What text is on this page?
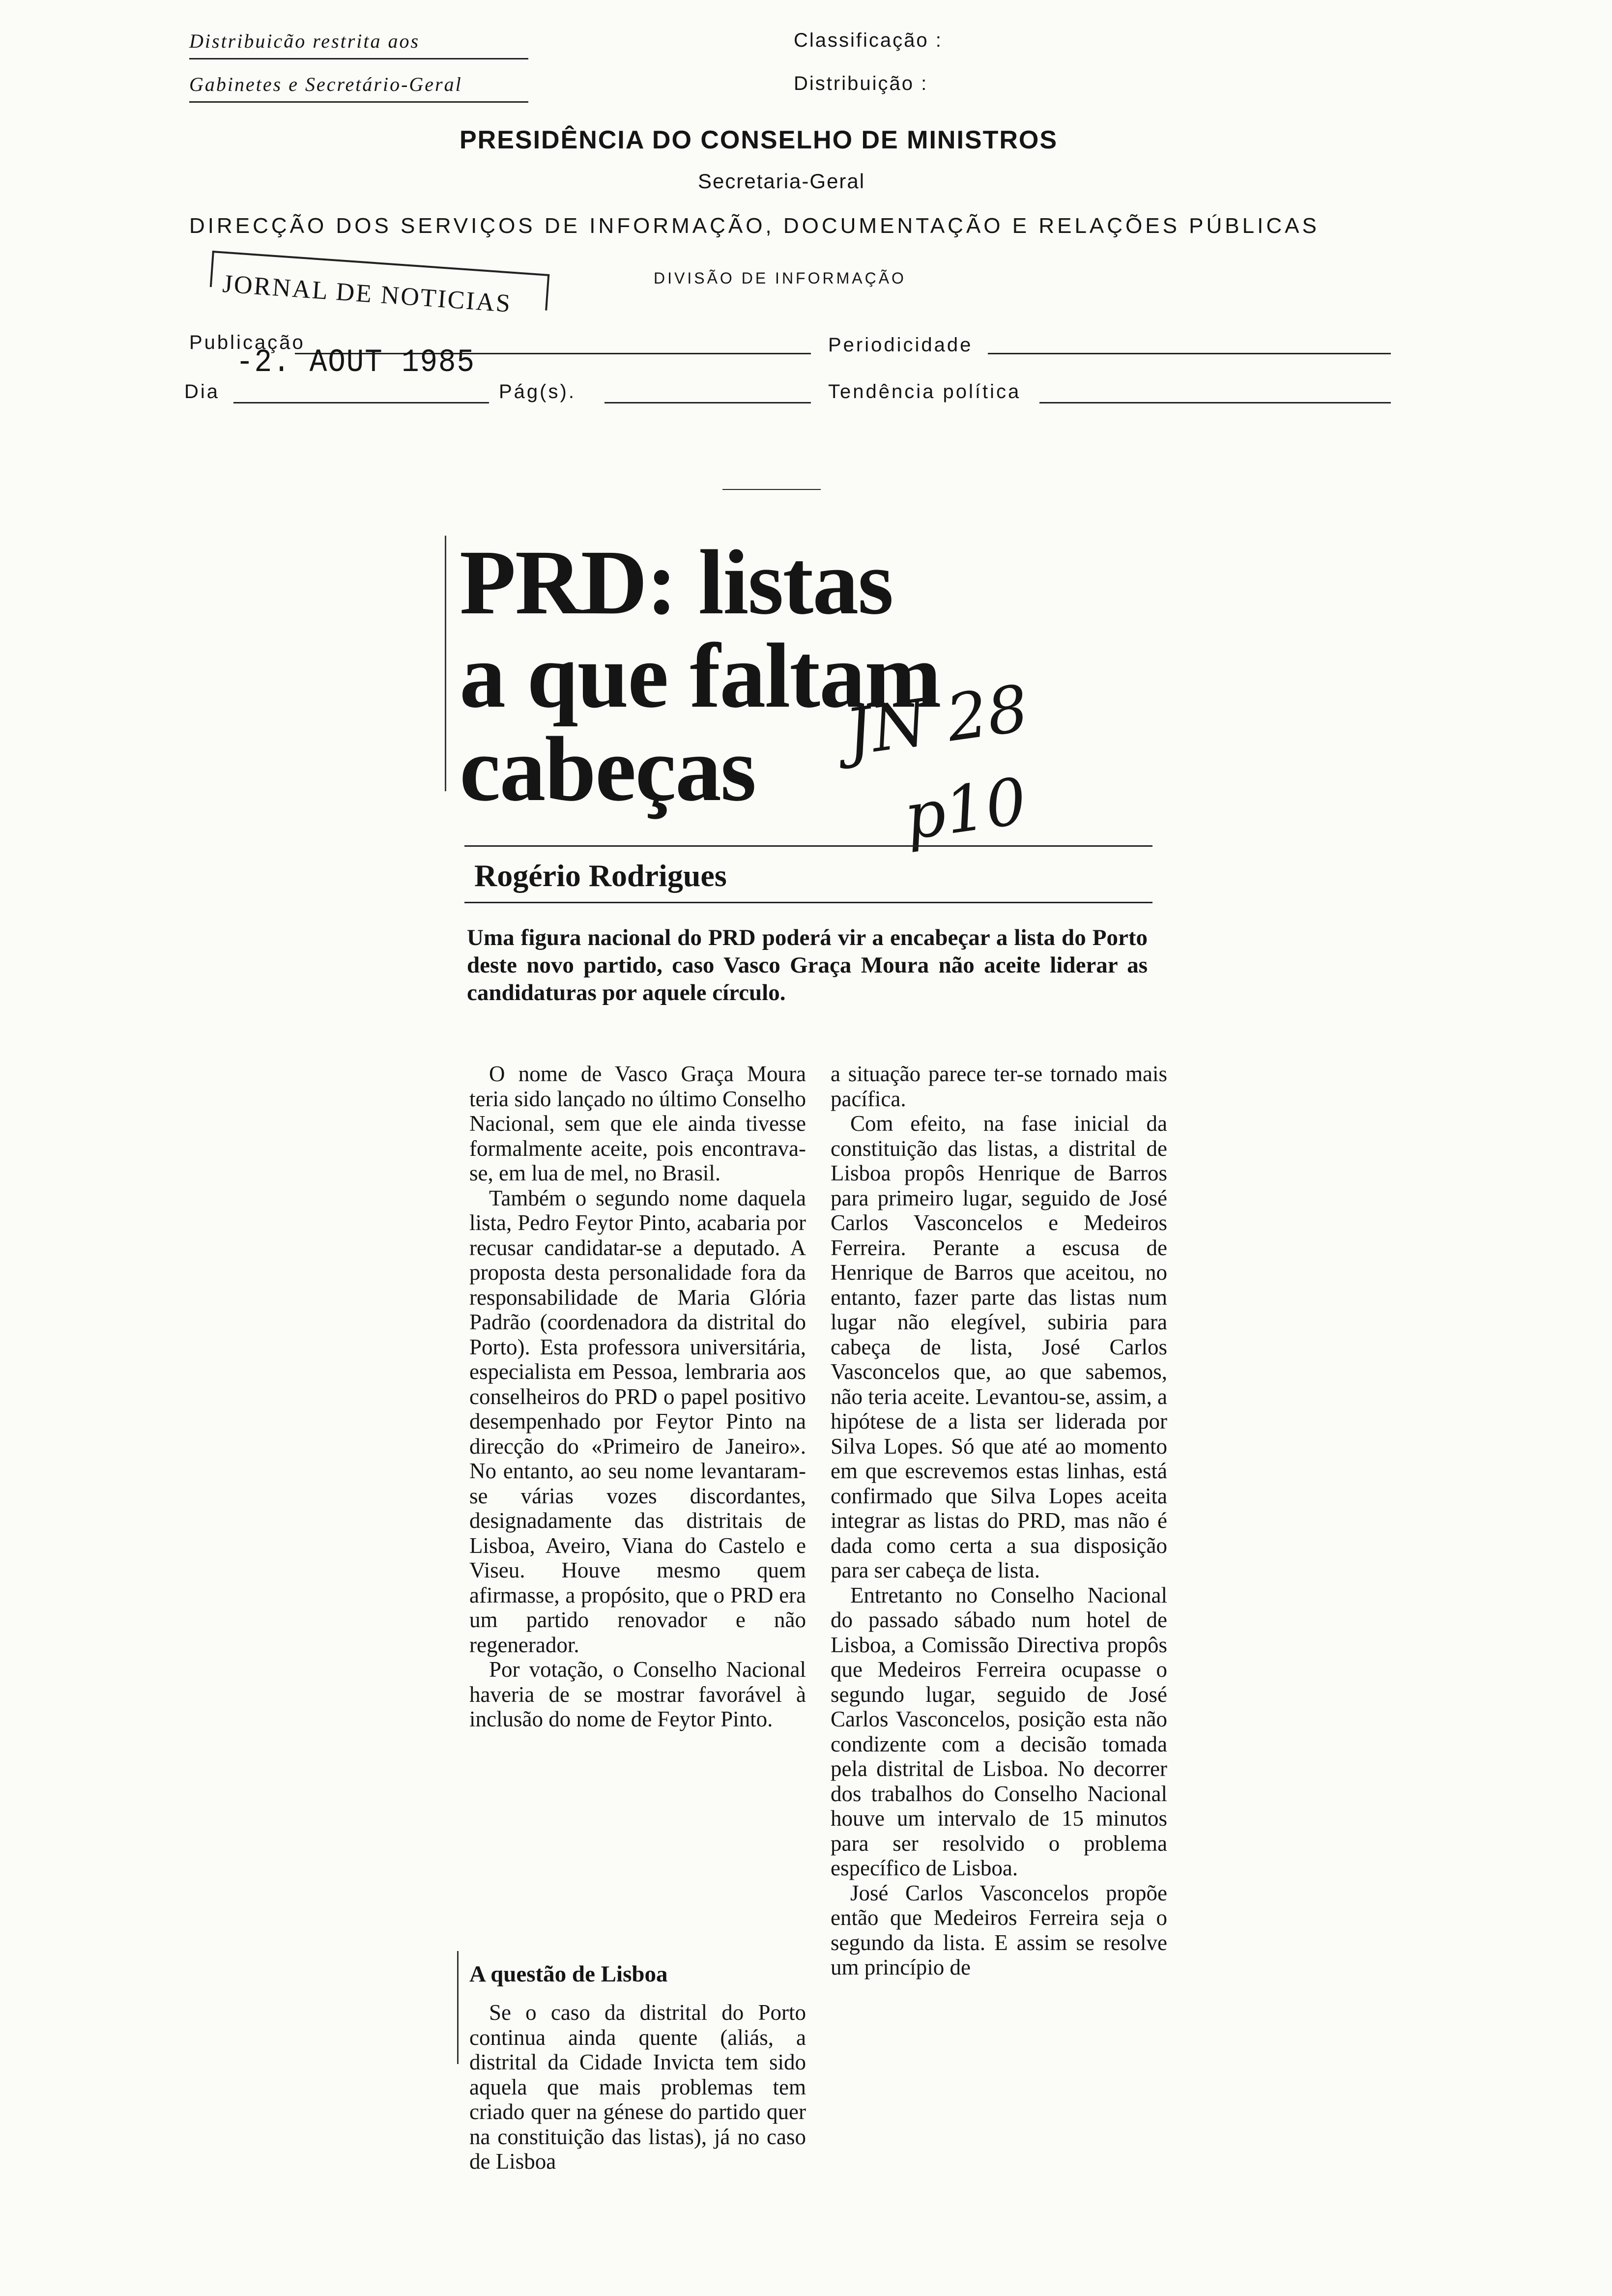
Distribuicão restrita aos
Gabinetes e Secretário-Geral
Classificação :
Distribuição :
PRESIDÊNCIA DO CONSELHO DE MINISTROS
Secretaria-Geral
DIRECÇÃO DOS SERVIÇOS DE INFORMAÇÃO, DOCUMENTAÇÃO E RELAÇÕES PÚBLICAS
JORNAL DE NOTICIAS	DIVISÃO DE INFORMAÇÃO
Publicação	Periodicidade
-2. AOUT 1985
Dia	Pág(s).	Tendência política
PRD: listas
a que faltam
cabeças JN 28
p10
Rogério Rodrigues
Uma figura nacional do PRD poderá vir a encabeçar a lista do Porto deste novo partido, caso Vasco Graça Moura não aceite liderar as candidaturas por aquele círculo.

O nome de Vasco Graça Moura teria sido lançado no último Conselho Nacional, sem que ele ainda tivesse formalmente aceite, pois encontrava-se, em lua de mel, no Brasil.

Também o segundo nome daquela lista, Pedro Feytor Pinto, acabaria por recusar candidatar-se a deputado. A proposta desta personalidade fora da responsabilidade de Maria Glória Padrão (coordenadora da distrital do Porto). Esta professora universitária, especialista em Pessoa, lembraria aos conselheiros do PRD o papel positivo desempenhado por Feytor Pinto na direcção do «Primeiro de Janeiro». No entanto, ao seu nome levantaram-se várias vozes discordantes, designadamente das distritais de Lisboa, Aveiro, Viana do Castelo e Viseu. Houve mesmo quem afirmasse, a propósito, que o PRD era um partido renovador e não regenerador.

Por votação, o Conselho Nacional haveria de se mostrar favorável à inclusão do nome de Feytor Pinto.

A questão de Lisboa

Se o caso da distrital do Porto continua ainda quente (aliás, a distrital da Cidade Invicta tem sido aquela que mais problemas tem criado quer na génese do partido quer na constituição das listas), já no caso de Lisboa

a situação parece ter-se tornado mais pacífica.

Com efeito, na fase inicial da constituição das listas, a distrital de Lisboa propôs Henrique de Barros para primeiro lugar, seguido de José Carlos Vasconcelos e Medeiros Ferreira. Perante a escusa de Henrique de Barros que aceitou, no entanto, fazer parte das listas num lugar não elegível, subiria para cabeça de lista, José Carlos Vasconcelos que, ao que sabemos, não teria aceite. Levantou-se, assim, a hipótese de a lista ser liderada por Silva Lopes. Só que até ao momento em que escrevemos estas linhas, está confirmado que Silva Lopes aceita integrar as listas do PRD, mas não é dada como certa a sua disposição para ser cabeça de lista.

Entretanto no Conselho Nacional do passado sábado num hotel de Lisboa, a Comissão Directiva propôs que Medeiros Ferreira ocupasse o segundo lugar, seguido de José Carlos Vasconcelos, posição esta não condizente com a decisão tomada pela distrital de Lisboa. No decorrer dos trabalhos do Conselho Nacional houve um intervalo de 15 minutos para ser resolvido o problema específico de Lisboa.

José Carlos Vasconcelos propõe então que Medeiros Ferreira seja o segundo da lista. E assim se resolve um princípio de
